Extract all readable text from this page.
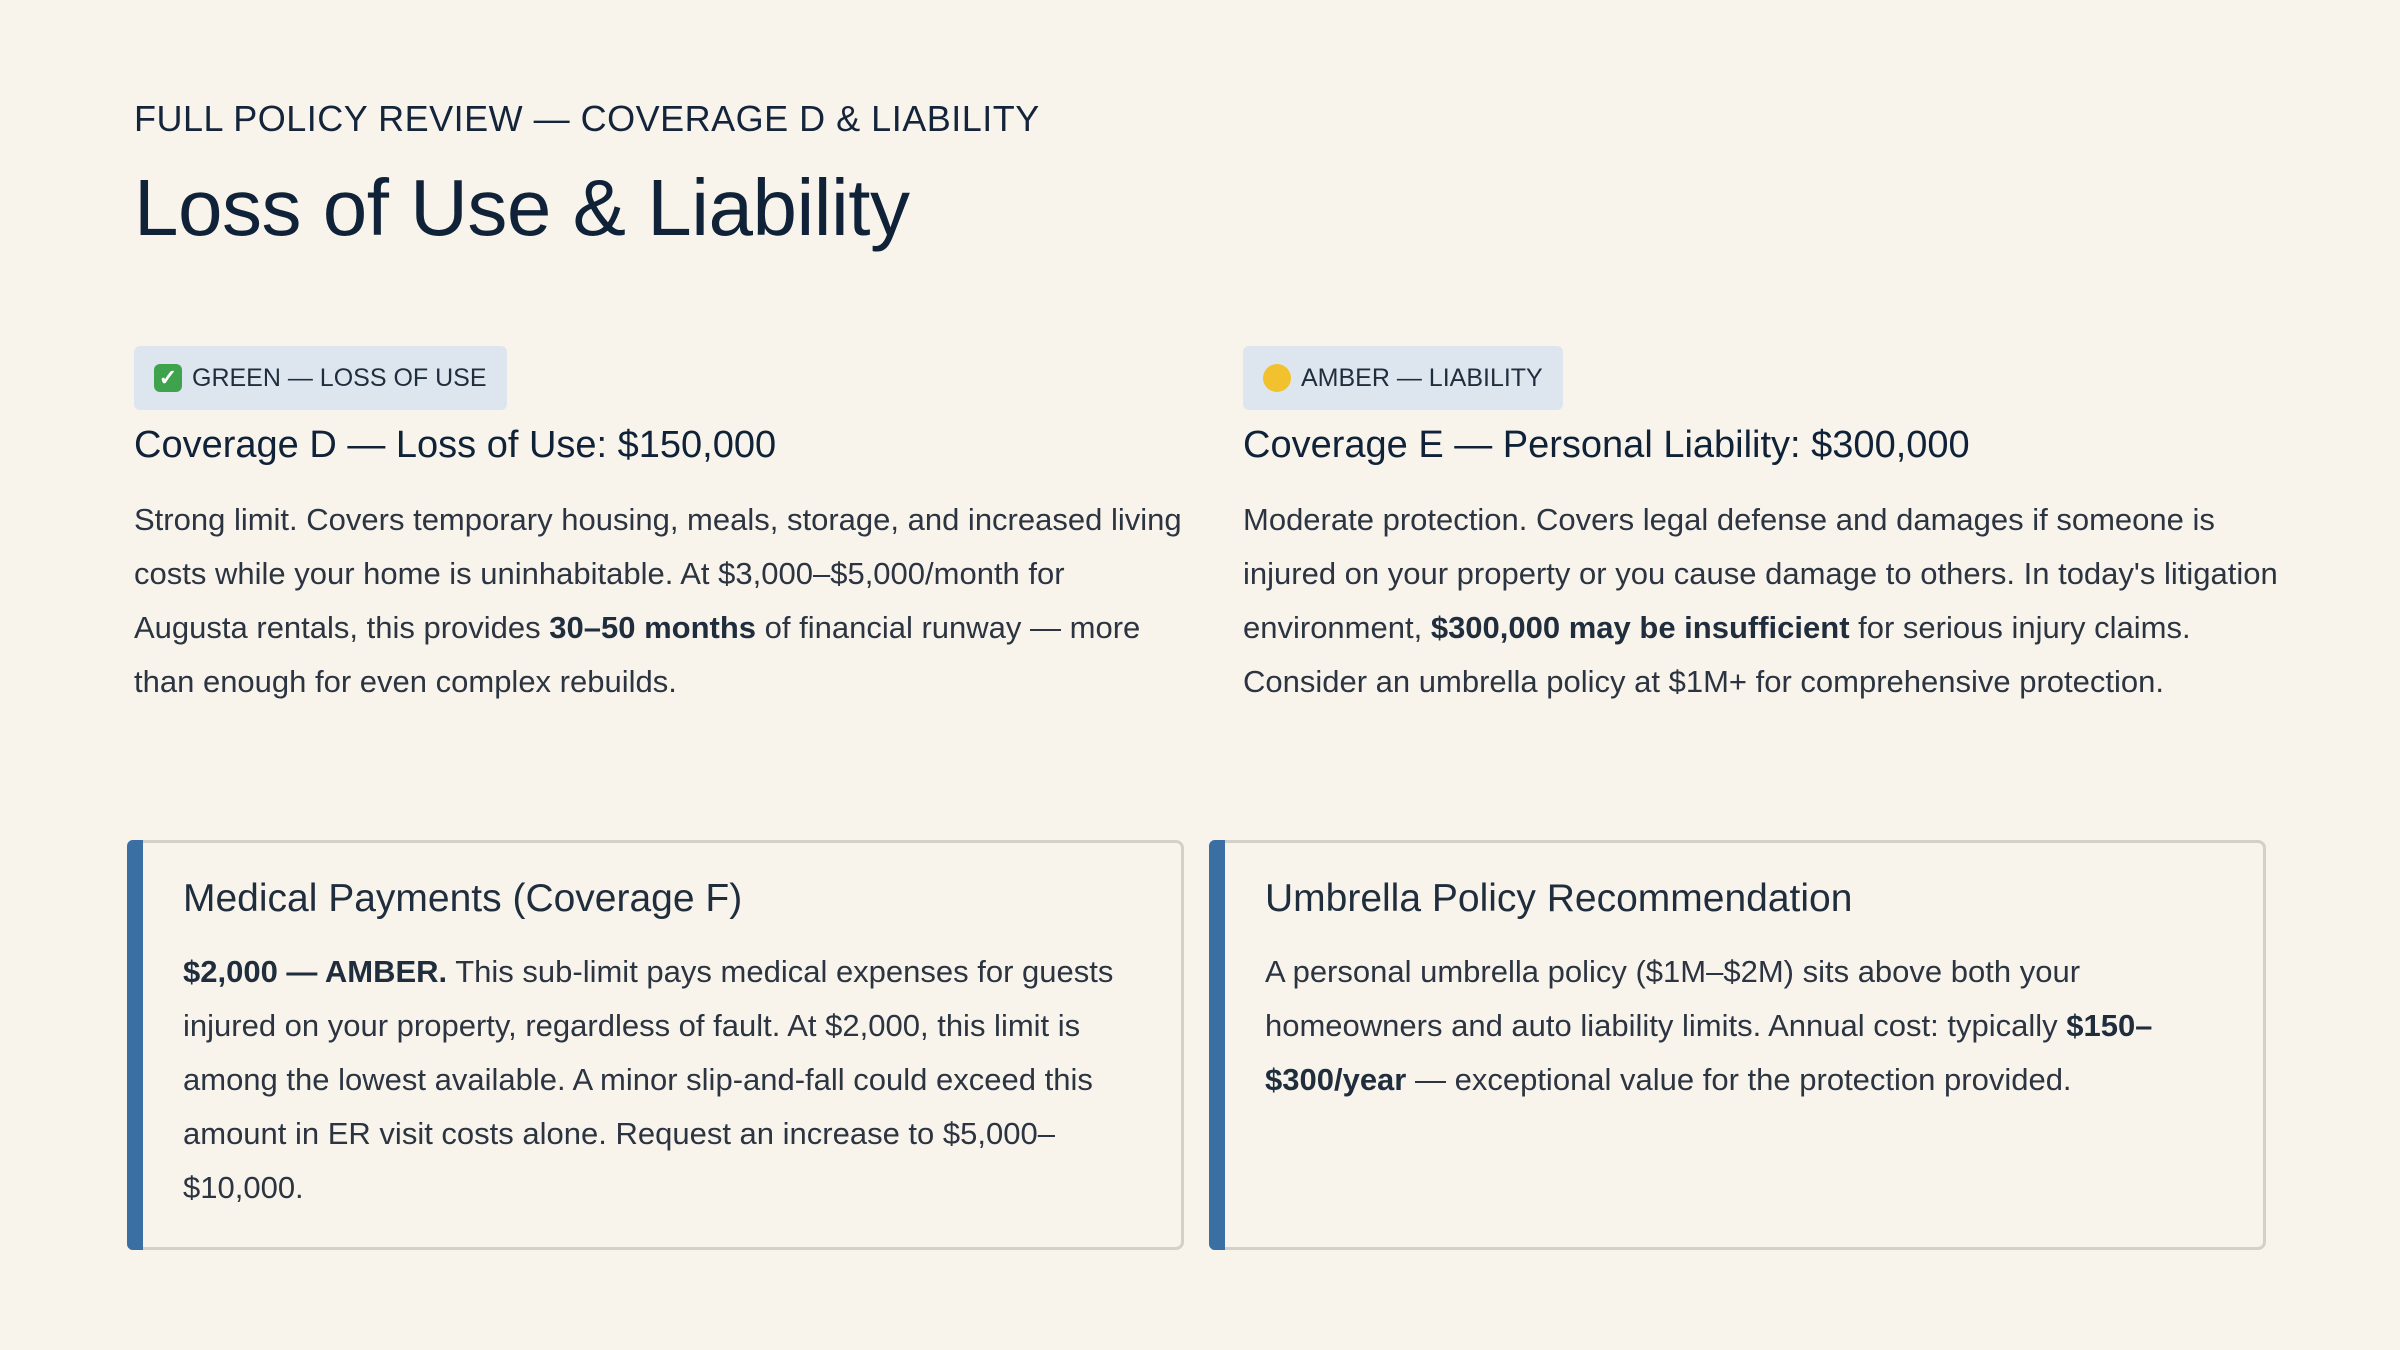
FULL POLICY REVIEW — COVERAGE D & LIABILITY
Loss of Use & Liability
✓ GREEN — LOSS OF USE
Coverage D — Loss of Use: $150,000
Strong limit. Covers temporary housing, meals, storage, and increased living costs while your home is uninhabitable. At $3,000–$5,000/month for Augusta rentals, this provides 30–50 months of financial runway — more than enough for even complex rebuilds.
AMBER — LIABILITY
Coverage E — Personal Liability: $300,000
Moderate protection. Covers legal defense and damages if someone is injured on your property or you cause damage to others. In today's litigation environment, $300,000 may be insufficient for serious injury claims. Consider an umbrella policy at $1M+ for comprehensive protection.
Medical Payments (Coverage F)
$2,000 — AMBER. This sub-limit pays medical expenses for guests injured on your property, regardless of fault. At $2,000, this limit is among the lowest available. A minor slip-and-fall could exceed this amount in ER visit costs alone. Request an increase to $5,000–$10,000.
Umbrella Policy Recommendation
A personal umbrella policy ($1M–$2M) sits above both your homeowners and auto liability limits. Annual cost: typically $150–$300/year — exceptional value for the protection provided.
